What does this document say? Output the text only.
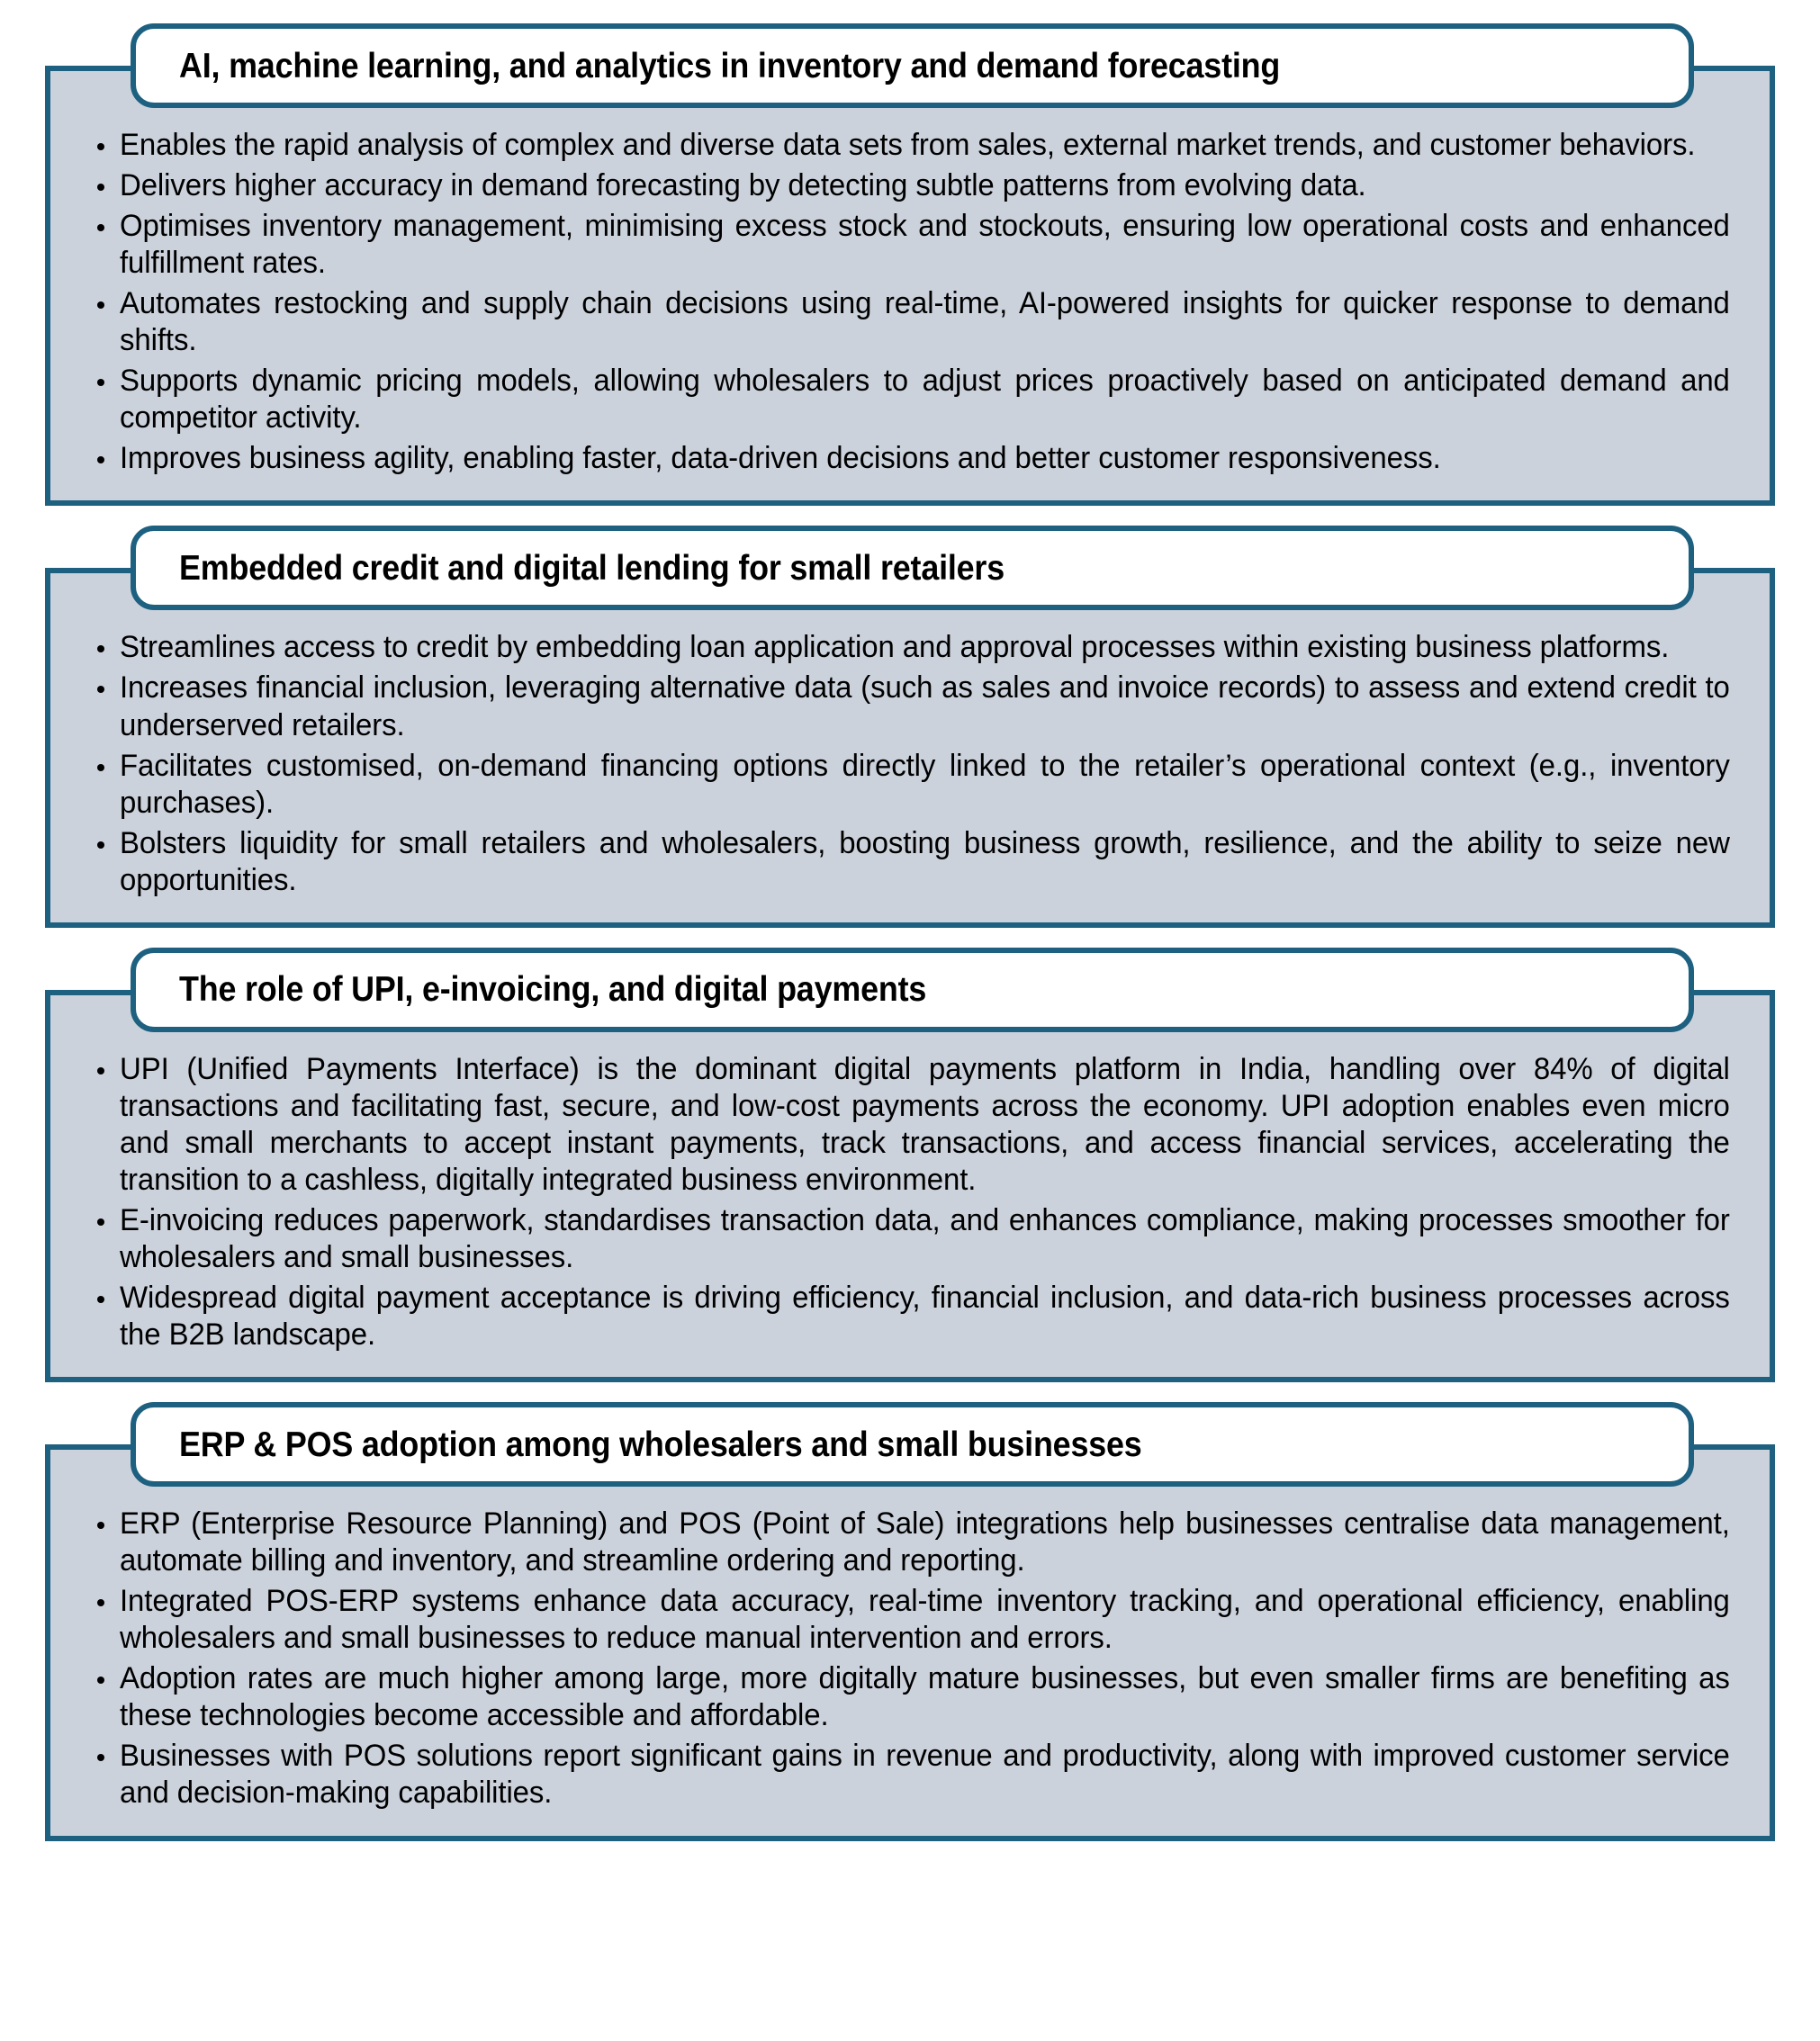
AI, machine learning, and analytics in inventory and demand forecasting
Enables the rapid analysis of complex and diverse data sets from sales, external market trends, and customer behaviors.
Delivers higher accuracy in demand forecasting by detecting subtle patterns from evolving data.
Optimises inventory management, minimising excess stock and stockouts, ensuring low operational costs and enhanced fulfillment rates.
Automates restocking and supply chain decisions using real-time, AI-powered insights for quicker response to demand shifts.
Supports dynamic pricing models, allowing wholesalers to adjust prices proactively based on anticipated demand and competitor activity.
Improves business agility, enabling faster, data-driven decisions and better customer responsiveness.
Embedded credit and digital lending for small retailers
Streamlines access to credit by embedding loan application and approval processes within existing business platforms.
Increases financial inclusion, leveraging alternative data (such as sales and invoice records) to assess and extend credit to underserved retailers.
Facilitates customised, on-demand financing options directly linked to the retailer’s operational context (e.g., inventory purchases).
Bolsters liquidity for small retailers and wholesalers, boosting business growth, resilience, and the ability to seize new opportunities.
The role of UPI, e-invoicing, and digital payments
UPI (Unified Payments Interface) is the dominant digital payments platform in India, handling over 84% of digital transactions and facilitating fast, secure, and low-cost payments across the economy. UPI adoption enables even micro and small merchants to accept instant payments, track transactions, and access financial services, accelerating the transition to a cashless, digitally integrated business environment.
E-invoicing reduces paperwork, standardises transaction data, and enhances compliance, making processes smoother for wholesalers and small businesses.
Widespread digital payment acceptance is driving efficiency, financial inclusion, and data-rich business processes across the B2B landscape.
ERP & POS adoption among wholesalers and small businesses
ERP (Enterprise Resource Planning) and POS (Point of Sale) integrations help businesses centralise data management, automate billing and inventory, and streamline ordering and reporting.
Integrated POS-ERP systems enhance data accuracy, real-time inventory tracking, and operational efficiency, enabling wholesalers and small businesses to reduce manual intervention and errors.
Adoption rates are much higher among large, more digitally mature businesses, but even smaller firms are benefiting as these technologies become accessible and affordable.
Businesses with POS solutions report significant gains in revenue and productivity, along with improved customer service and decision-making capabilities.
